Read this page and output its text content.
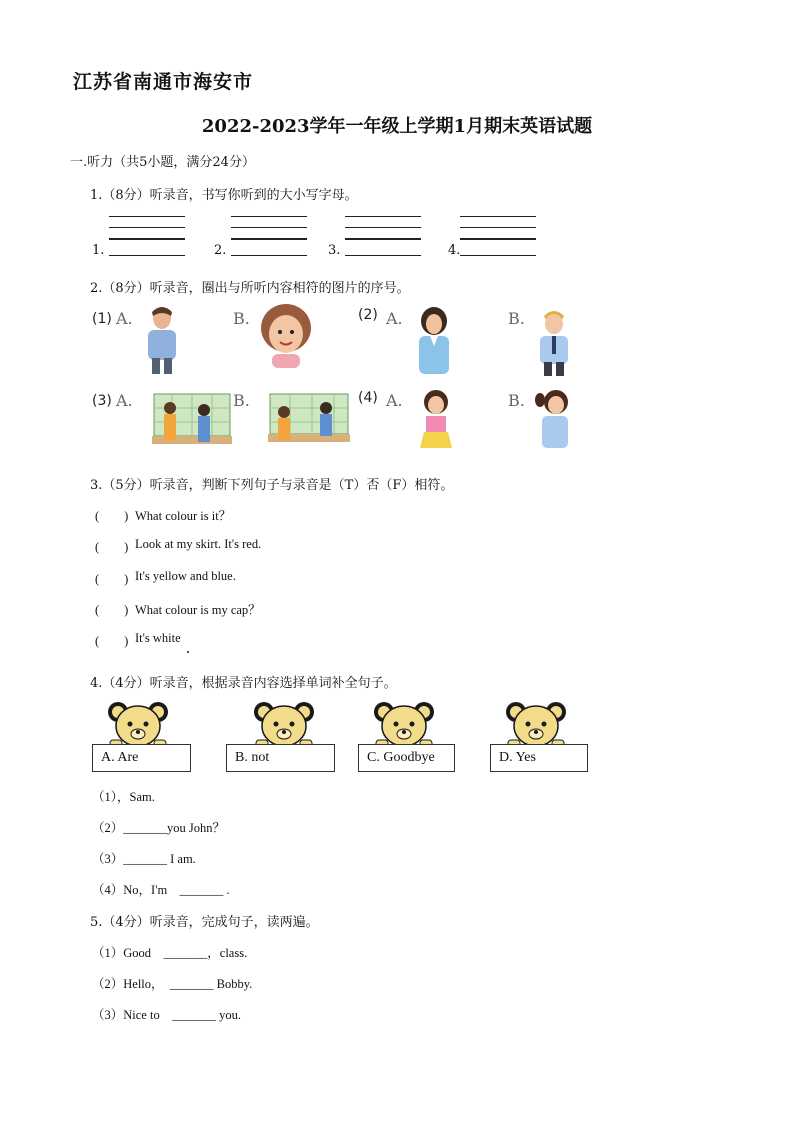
江苏省南通市海安市
2022-2023学年一年级上学期1月期末英语试题
一.听力（共5小题，满分24分）
1.（8分）听录音，书写你听到的大小写字母。
1.	2.	3.	4.
2.（8分）听录音，圈出与所听内容相符的图片的序号。
(1) A.	B.	(2) A.	B.
(3) A.	B.	(4) A.	B.
3.（5分）听录音，判断下列句子与录音是（T）否（F）相符。
(　　) What colour is it？
(　　) Look at my skirt. It's red.
(　　) It's yellow and blue.
(　　) What colour is my cap？
(　　) It's white
4.（4分）听录音，根据录音内容选择单词补全句子。
A. Are	B. not	C. Goodbye	D. Yes
（1），Sam.
（2）_______you John？
（3）_______ I am.
（4）No，I'm　_______ .
5.（4分）听录音，完成句子，读两遍。
（1）Good　_______，class.
（2）Hello，　_______ Bobby.
（3）Nice to　_______ you.
